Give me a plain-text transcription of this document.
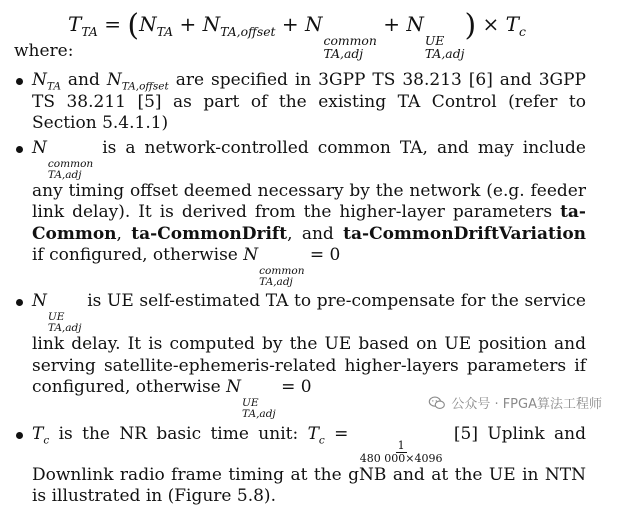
$T_{TA} = (N_{TA} + N_{TA,offset} + N$
common
TA,adj
+ N
UE
TA,adj
) × $T_c$
where:
$N_{TA}$ and $N_{TA,offset}$ are specified in 3GPP TS 38.213 [6] and 3GPP TS 38.211 [5] as part of the existing TA Control (refer to Section 5.4.1.1)
N
common
TA,adj
is a network-controlled common TA, and may include any timing offset deemed necessary by the network (e.g. feeder link delay). It is derived from the higher-layer parameters ta-Common, ta-CommonDrift, and ta-CommonDriftVariation if configured, otherwise N
common
TA,adj
= 0
N
UE
TA,adj
is UE self-estimated TA to pre-compensate for the service link delay. It is computed by the UE based on UE position and serving satellite-ephemeris-related higher-layers parameters if configured, otherwise N
UE
TA,adj
= 0
$T_c$ is the NR basic time unit: $T_c$ =
$\frac{1}{480 000\times 4096}$
[5] Uplink and Downlink radio frame timing at the gNB and at the UE in NTN is illustrated in (Figure 5.8).
公众号 · FPGA算法工程师
